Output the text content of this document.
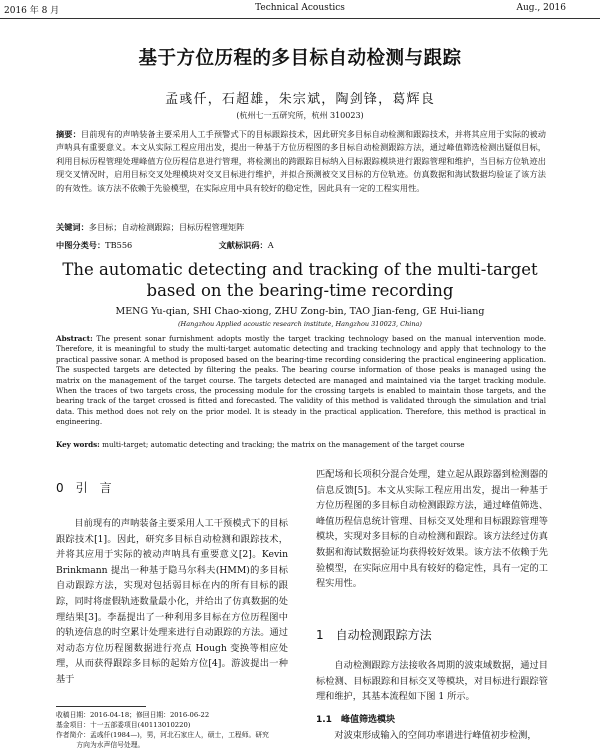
2016 年 8 月	Technical Acoustics	Aug., 2016
基于方位历程的多目标自动检测与跟踪
孟彧仟，石超雄，朱宗斌，陶剑锋，葛辉良
(杭州七一五研究所，杭州 310023)
摘要：目前现有的声呐装备主要采用人工手预警式下的目标跟踪技术，因此研究多目标自动检测和跟踪技术，并将其应用于实际的被动声呐具有重要意义。本文从实际工程应用出发，提出一种基于方位历程图的多目标自动检测跟踪方法，通过峰值筛选检测出疑似目标，利用目标历程管理处理峰值方位历程信息进行管理，将检测出的跨跟踪目标纳入目标跟踪模块进行跟踪管理和维护，当目标方位轨迹出现交叉情况时，启用目标交叉处理模块对交叉目标进行维护，并拟合预测被交叉目标的方位轨迹。仿真数据和海试数据均验证了该方法的有效性。该方法不依赖于先验模型，在实际应用中具有较好的稳定性，因此具有一定的工程实用性。
关键词：多目标；自动检测跟踪；目标历程管理矩阵
中图分类号：TB556	文献标识码：A
The automatic detecting and tracking of the multi-target based on the bearing-time recording
MENG Yu-qian, SHI Chao-xiong, ZHU Zong-bin, TAO Jian-feng, GE Hui-liang
(Hangzhou Applied acoustic research institute, Hangzhou 310023, China)
Abstract: The present sonar furnishment adopts mostly the target tracking technology based on the manual intervention mode. Therefore, it is meaningful to study the multi-target automatic detecting and tracking technology and apply that technology to the practical passive sonar. A method is proposed based on the bearing-time recording considering the practical engineering application. The suspected targets are detected by filtering the peaks. The bearing course information of those peaks is managed using the matrix on the management of the target course. The targets detected are managed and maintained via the target tracking module. When the traces of two targets cross, the processing module for the crossing targets is enabled to maintain those targets, and the bearing track of the target crossed is fitted and forecasted. The validity of this method is validated through the simulation and trial data. This method does not rely on the prior model. It is steady in the practical application. Therefore, this method is practical in engineering.
Key words: multi-target; automatic detecting and tracking; the matrix on the management of the target course
0　引　言

目前现有的声呐装备主要采用人工干预模式下的目标跟踪技术[1]。因此，研究多目标自动检测和跟踪技术，并将其应用于实际的被动声呐具有重要意义[2]。Kevin Brinkmann 提出一种基于隐马尔科夫(HMM)的多目标自动跟踪方法，实现对包括弱目标在内的所有目标的跟踪，同时将虚假轨迹数量最小化，并给出了仿真数据的处理结果[3]。李磊提出了一种利用多目标在方位历程图中的轨迹信息的时空累计处理来进行自动跟踪的方法。通过对动态方位历程图数据进行亮点 Hough 变换等相应处理，从而获得跟踪多目标的起始方位[4]。游波提出一种基于

收稿日期：2016-04-18；修回日期：2016-06-22
基金项目：十一五部委项目(40113010220)
作者简介：孟彧仟(1984—)，男，河北石家庄人，硕士，工程师。研究
方向为水声信号处理。

匹配场和长项积分混合处理，建立起从跟踪器到检测器的信息反馈[5]。本文从实际工程应用出发，提出一种基于方位历程图的多目标自动检测跟踪方法，通过峰值筛选、峰值历程信息统计管理、目标交叉处理和目标跟踪管理等模块，实现对多目标的自动检测和跟踪。该方法经过仿真数据和海试数据验证均获得较好效果。该方法不依赖于先验模型，在实际应用中具有较好的稳定性，具有一定的工程实用性。

1　自动检测跟踪方法
自动检测跟踪方法接收各周期的波束域数据，通过目标检测、目标跟踪和目标交叉等模块，对目标进行跟踪管理和维护，其基本流程如下图 1 所示。
1.1　峰值筛选模块
对波束形成输入的空间功率谱进行峰值初步检测，
